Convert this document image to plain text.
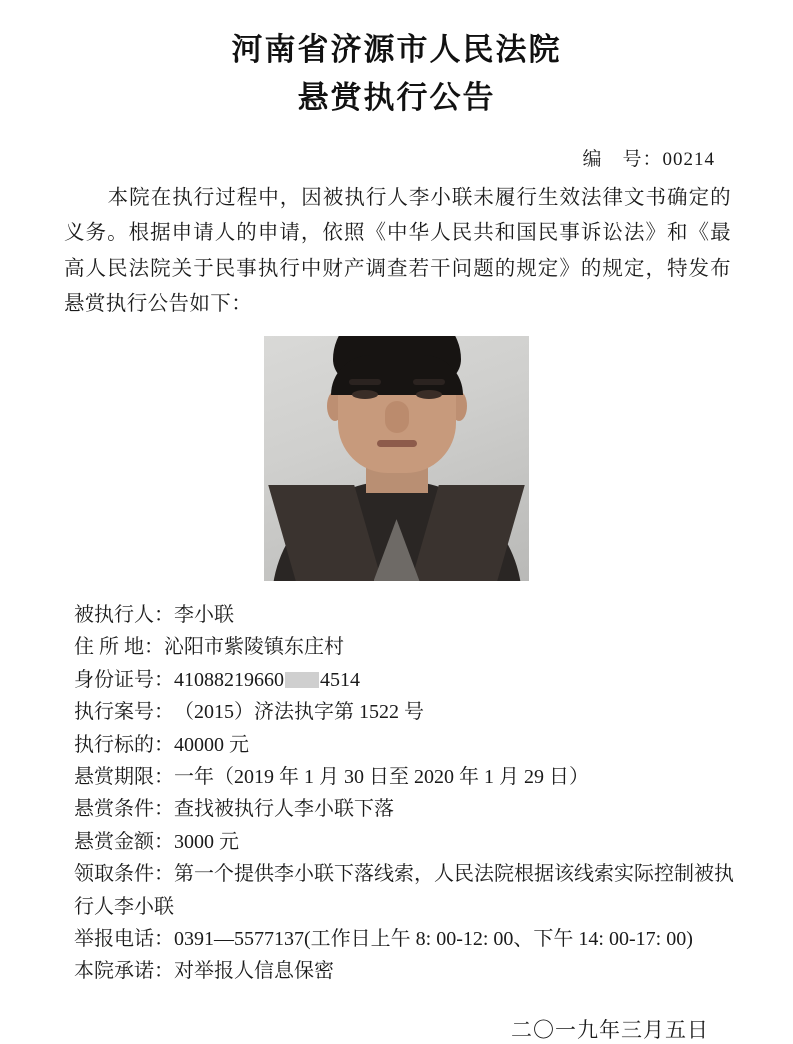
河南省济源市人民法院
悬赏执行公告
编　号：00214
本院在执行过程中，因被执行人李小联未履行生效法律文书确定的义务。根据申请人的申请，依照《中华人民共和国民事诉讼法》和《最高人民法院关于民事执行中财产调查若干问题的规定》的规定，特发布悬赏执行公告如下：
被执行人： 李小联
住 所 地： 沁阳市紫陵镇东庄村
身份证号： 41088219660 4514
执行案号： （2015）济法执字第 1522 号
执行标的： 40000 元
悬赏期限： 一年（2019 年 1 月 30 日至 2020 年 1 月 29 日）
悬赏条件： 查找被执行人李小联下落
悬赏金额： 3000 元
领取条件：第一个提供李小联下落线索，人民法院根据该线索实际控制被执行人李小联
举报电话： 0391—5577137(工作日上午 8: 00-12: 00、下午 14: 00-17: 00)
本院承诺： 对举报人信息保密
二〇一九年三月五日
